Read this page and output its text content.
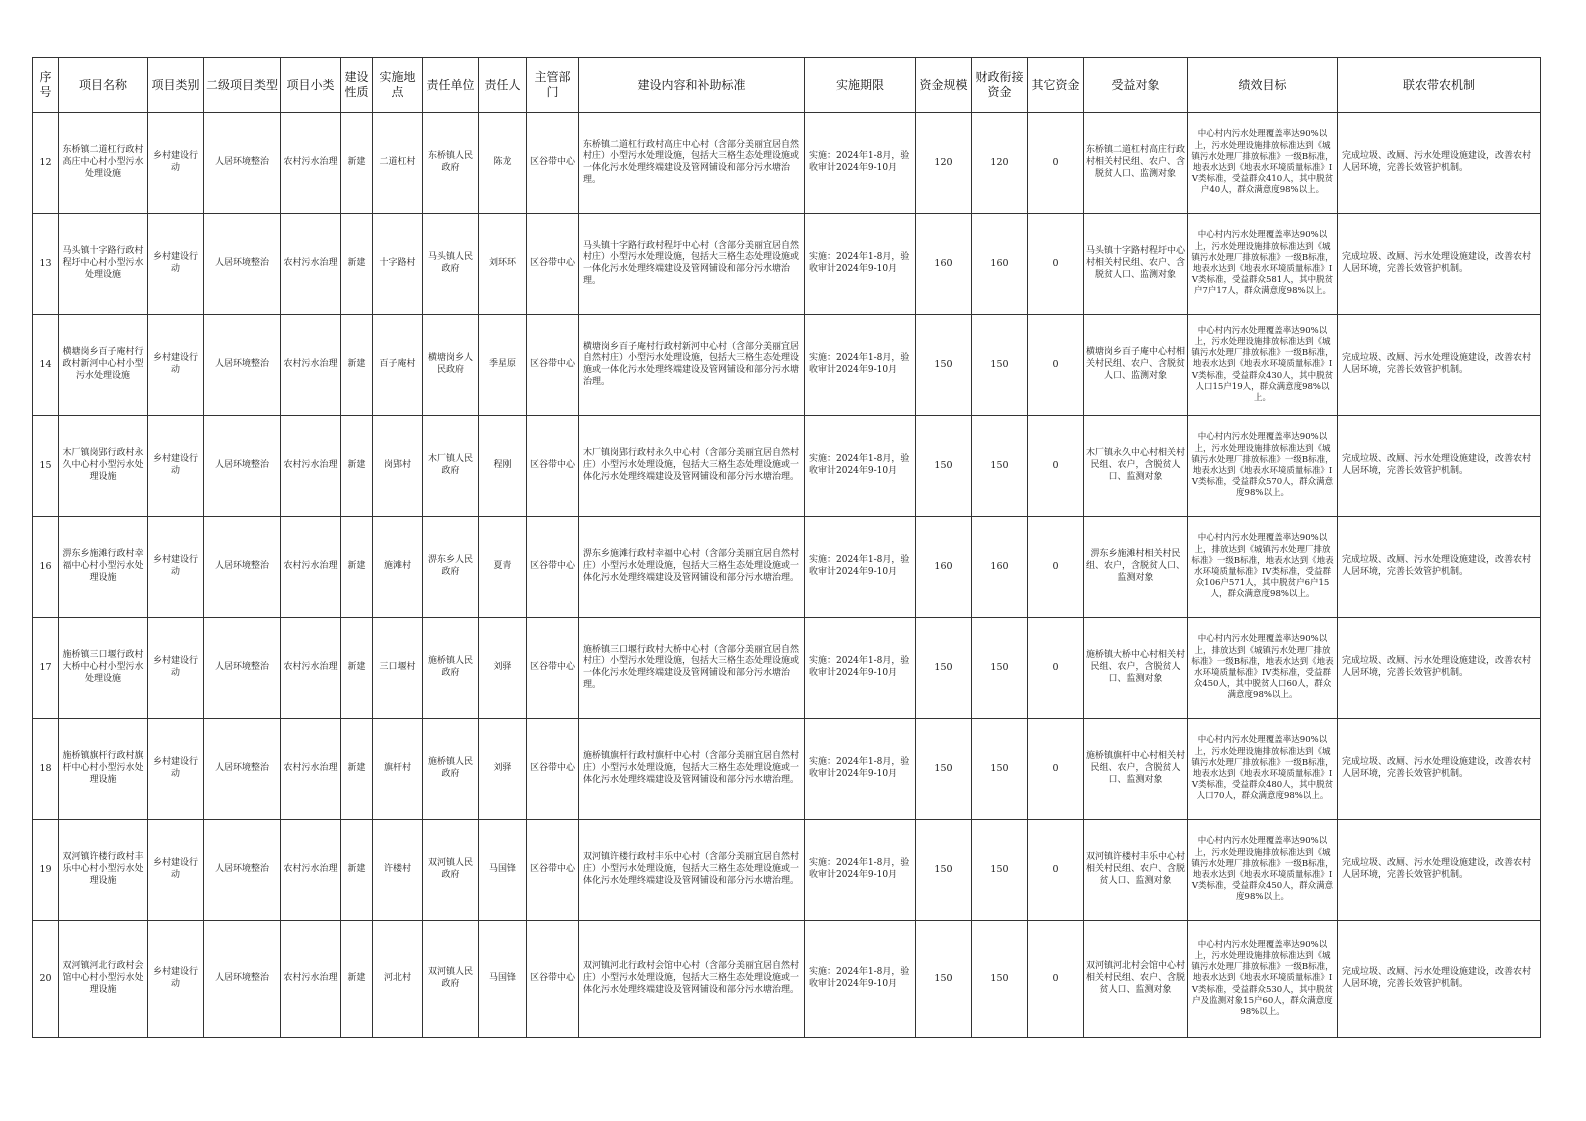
序号	项目名称	项目类别	二级项目类型	项目小类	建设性质	实施地点	责任单位	责任人	主管部门	建设内容和补助标准	实施期限	资金规模	财政衔接资金	其它资金	受益对象	绩效目标	联农带农机制
12	东桥镇二道杠行政村高庄中心村小型污水处理设施	乡村建设行动	人居环境整治	农村污水治理	新建	二道杠村	东桥镇人民政府	陈龙	区谷带中心	东桥镇二道杠行政村高庄中心村（含部分美丽宜居自然村庄）小型污水处理设施，包括大三格生态处理设施或一体化污水处理终端建设及管网铺设和部分污水塘治理。	实施：2024年1-8月，验收审计2024年9-10月	120	120	0	东桥镇二道杠村高庄行政村相关村民组、农户、含脱贫人口、监测对象	中心村内污水处理覆盖率达90%以上，污水处理设施排放标准达到《城镇污水处理厂排放标准》一级B标准，地表水达到《地表水环境质量标准》IV类标准，受益群众410人，其中脱贫户40人，群众满意度98%以上。	完成垃圾、改厕、污水处理设施建设，改善农村人居环境，完善长效管护机制。
13	马头镇十字路行政村程圩中心村小型污水处理设施	乡村建设行动	人居环境整治	农村污水治理	新建	十字路村	马头镇人民政府	刘环环	区谷带中心	马头镇十字路行政村程圩中心村（含部分美丽宜居自然村庄）小型污水处理设施，包括大三格生态处理设施或一体化污水处理终端建设及管网铺设和部分污水塘治理。	实施：2024年1-8月，验收审计2024年9-10月	160	160	0	马头镇十字路村程圩中心村相关村民组、农户、含脱贫人口、监测对象	中心村内污水处理覆盖率达90%以上，污水处理设施排放标准达到《城镇污水处理厂排放标准》一级B标准，地表水达到《地表水环境质量标准》IV类标准，受益群众581人，其中脱贫户7户17人，群众满意度98%以上。	完成垃圾、改厕、污水处理设施建设，改善农村人居环境，完善长效管护机制。
14	横塘岗乡百子庵村行政村新河中心村小型污水处理设施	乡村建设行动	人居环境整治	农村污水治理	新建	百子庵村	横塘岗乡人民政府	季星原	区谷带中心	横塘岗乡百子庵村行政村新河中心村（含部分美丽宜居自然村庄）小型污水处理设施，包括大三格生态处理设施或一体化污水处理终端建设及管网铺设和部分污水塘治理。	实施：2024年1-8月，验收审计2024年9-10月	150	150	0	横塘岗乡百子庵中心村相关村民组、农户、含脱贫人口、监测对象	中心村内污水处理覆盖率达90%以上，污水处理设施排放标准达到《城镇污水处理厂排放标准》一级B标准，地表水达到《地表水环境质量标准》IV类标准，受益群众430人，其中脱贫人口15户19人，群众满意度98%以上。	完成垃圾、改厕、污水处理设施建设，改善农村人居环境，完善长效管护机制。
15	木厂镇岗郢行政村永久中心村小型污水处理设施	乡村建设行动	人居环境整治	农村污水治理	新建	岗郢村	木厂镇人民政府	程刚	区谷带中心	木厂镇岗郢行政村永久中心村（含部分美丽宜居自然村庄）小型污水处理设施，包括大三格生态处理设施或一体化污水处理终端建设及管网铺设和部分污水塘治理。	实施：2024年1-8月，验收审计2024年9-10月	150	150	0	木厂镇永久中心村相关村民组、农户，含脱贫人口、监测对象	中心村内污水处理覆盖率达90%以上，污水处理设施排放标准达到《城镇污水处理厂排放标准》一级B标准，地表水达到《地表水环境质量标准》IV类标准，受益群众570人，群众满意度98%以上。	完成垃圾、改厕、污水处理设施建设，改善农村人居环境，完善长效管护机制。
16	淠东乡施滩行政村幸福中心村小型污水处理设施	乡村建设行动	人居环境整治	农村污水治理	新建	施滩村	淠东乡人民政府	夏青	区谷带中心	淠东乡施滩行政村幸福中心村（含部分美丽宜居自然村庄）小型污水处理设施，包括大三格生态处理设施或一体化污水处理终端建设及管网铺设和部分污水塘治理。	实施：2024年1-8月，验收审计2024年9-10月	160	160	0	淠东乡施滩村相关村民组、农户，含脱贫人口、监测对象	中心村内污水处理覆盖率达90%以上，排放达到《城镇污水处理厂排放标准》一级B标准，地表水达到《地表水环境质量标准》IV类标准，受益群众106户571人，其中脱贫户6户15人，群众满意度98%以上。	完成垃圾、改厕、污水处理设施建设，改善农村人居环境，完善长效管护机制。
17	施桥镇三口堰行政村大桥中心村小型污水处理设施	乡村建设行动	人居环境整治	农村污水治理	新建	三口堰村	施桥镇人民政府	刘驿	区谷带中心	施桥镇三口堰行政村大桥中心村（含部分美丽宜居自然村庄）小型污水处理设施，包括大三格生态处理设施或一体化污水处理终端建设及管网铺设和部分污水塘治理。	实施：2024年1-8月，验收审计2024年9-10月	150	150	0	施桥镇大桥中心村相关村民组、农户，含脱贫人口、监测对象	中心村内污水处理覆盖率达90%以上，排放达到《城镇污水处理厂排放标准》一级B标准，地表水达到《地表水环境质量标准》IV类标准，受益群众450人，其中脱贫人口60人，群众满意度98%以上。	完成垃圾、改厕、污水处理设施建设，改善农村人居环境，完善长效管护机制。
18	施桥镇旗杆行政村旗杆中心村小型污水处理设施	乡村建设行动	人居环境整治	农村污水治理	新建	旗杆村	施桥镇人民政府	刘驿	区谷带中心	施桥镇旗杆行政村旗杆中心村（含部分美丽宜居自然村庄）小型污水处理设施，包括大三格生态处理设施或一体化污水处理终端建设及管网铺设和部分污水塘治理。	实施：2024年1-8月，验收审计2024年9-10月	150	150	0	施桥镇旗杆中心村相关村民组、农户，含脱贫人口、监测对象	中心村内污水处理覆盖率达90%以上，污水处理设施排放标准达到《城镇污水处理厂排放标准》一级B标准，地表水达到《地表水环境质量标准》IV类标准，受益群众480人，其中脱贫人口70人，群众满意度98%以上。	完成垃圾、改厕、污水处理设施建设，改善农村人居环境，完善长效管护机制。
19	双河镇许楼行政村丰乐中心村小型污水处理设施	乡村建设行动	人居环境整治	农村污水治理	新建	许楼村	双河镇人民政府	马国锋	区谷带中心	双河镇许楼行政村丰乐中心村（含部分美丽宜居自然村庄）小型污水处理设施，包括大三格生态处理设施或一体化污水处理终端建设及管网铺设和部分污水塘治理。	实施：2024年1-8月，验收审计2024年9-10月	150	150	0	双河镇许楼村丰乐中心村相关村民组、农户、含脱贫人口、监测对象	中心村内污水处理覆盖率达90%以上，污水处理设施排放标准达到《城镇污水处理厂排放标准》一级B标准，地表水达到《地表水环境质量标准》IV类标准，受益群众450人，群众满意度98%以上。	完成垃圾、改厕、污水处理设施建设，改善农村人居环境，完善长效管护机制。
20	双河镇河北行政村会馆中心村小型污水处理设施	乡村建设行动	人居环境整治	农村污水治理	新建	河北村	双河镇人民政府	马国锋	区谷带中心	双河镇河北行政村会馆中心村（含部分美丽宜居自然村庄）小型污水处理设施，包括大三格生态处理设施或一体化污水处理终端建设及管网铺设和部分污水塘治理。	实施：2024年1-8月，验收审计2024年9-10月	150	150	0	双河镇河北村会馆中心村相关村民组、农户、含脱贫人口、监测对象	中心村内污水处理覆盖率达90%以上，污水处理设施排放标准达到《城镇污水处理厂排放标准》一级B标准，地表水达到《地表水环境质量标准》IV类标准，受益群众530人，其中脱贫户及监测对象15户60人，群众满意度98%以上。	完成垃圾、改厕、污水处理设施建设，改善农村人居环境，完善长效管护机制。
